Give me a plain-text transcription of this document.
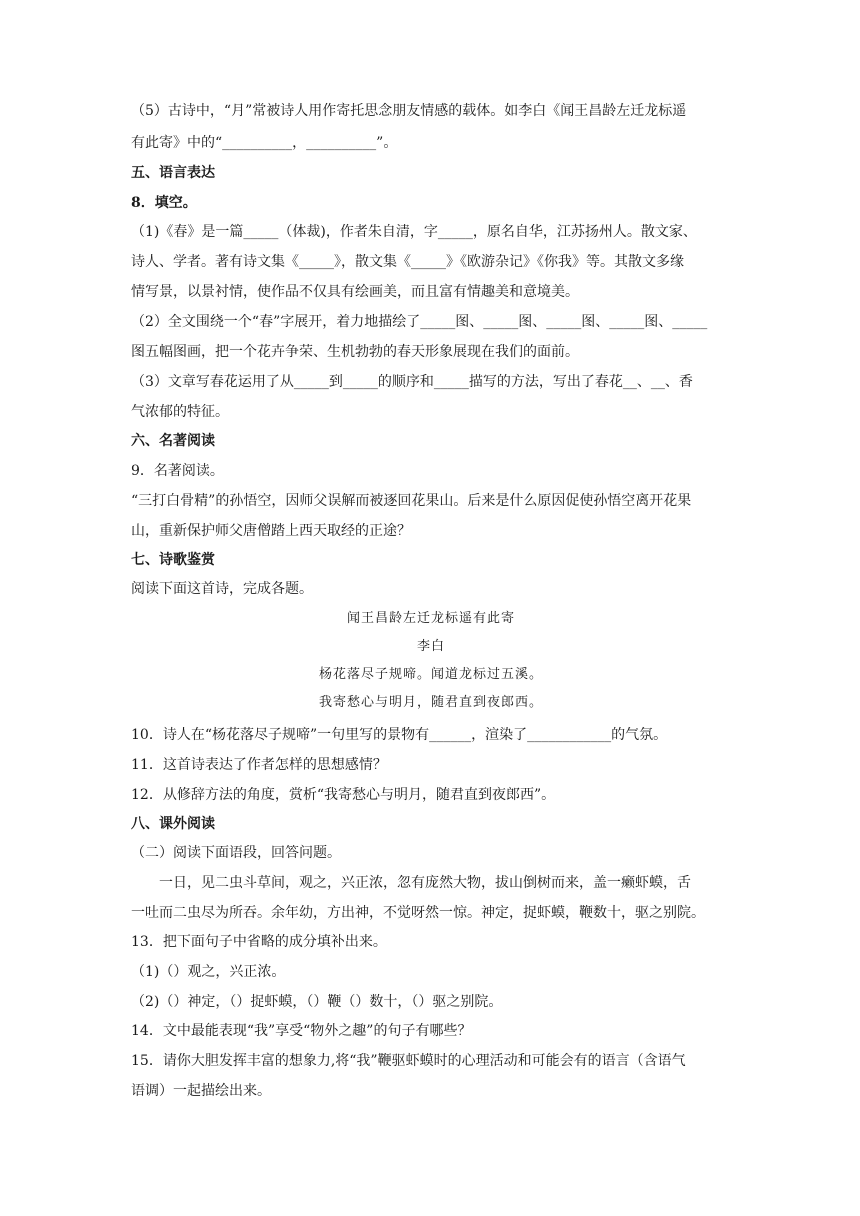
（5）古诗中，“月”常被诗人用作寄托思念朋友情感的载体。如李白《闻王昌龄左迁龙标遥
有此寄》中的“__________，__________”。
五、语言表达
8．填空。
（1)《春》是一篇_____（体裁)，作者朱自清，字_____，原名自华，江苏扬州人。散文家、
诗人、学者。著有诗文集《_____》，散文集《_____》《欧游杂记》《你我》等。其散文多缘
情写景，以景衬情，使作品不仅具有绘画美，而且富有情趣美和意境美。
（2）全文围绕一个“春”字展开，着力地描绘了_____图、_____图、_____图、_____图、_____
图五幅图画，把一个花卉争荣、生机勃勃的春天形象展现在我们的面前。
（3）文章写春花运用了从_____到_____的顺序和_____描写的方法，写出了春花__、__、香
气浓郁的特征。
六、名著阅读
9．名著阅读。
“三打白骨精”的孙悟空，因师父误解而被逐回花果山。后来是什么原因促使孙悟空离开花果
山，重新保护师父唐僧踏上西天取经的正途？
七、诗歌鉴赏
阅读下面这首诗，完成各题。
闻王昌龄左迁龙标遥有此寄
李白
杨花落尽子规啼。闻道龙标过五溪。
我寄愁心与明月，随君直到夜郎西。
10．诗人在“杨花落尽子规啼”一句里写的景物有______，渲染了____________的气氛。
11．这首诗表达了作者怎样的思想感情？
12．从修辞方法的角度，赏析“我寄愁心与明月，随君直到夜郎西”。
八、课外阅读
（二）阅读下面语段，回答问题。
一日，见二虫斗草间，观之，兴正浓，忽有庞然大物，拔山倒树而来，盖一癞虾蟆，舌
一吐而二虫尽为所吞。余年幼，方出神，不觉呀然一惊。神定，捉虾蟆，鞭数十，驱之别院。
13．把下面句子中省略的成分填补出来。
（1)（）观之，兴正浓。
（2)（）神定，（）捉虾蟆，（）鞭（）数十，（）驱之别院。
14．文中最能表现“我”享受“物外之趣”的句子有哪些？
15．请你大胆发挥丰富的想象力,将“我”鞭驱虾蟆时的心理活动和可能会有的语言（含语气
语调）一起描绘出来。
